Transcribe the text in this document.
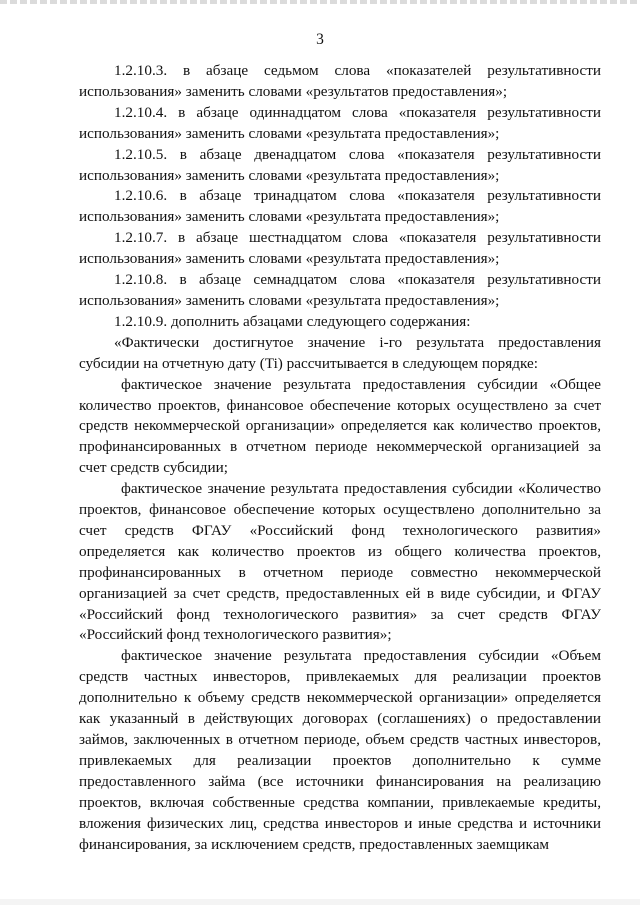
3

1.2.10.3. в абзаце седьмом слова «показателей результативности использования» заменить словами «результатов предоставления»;

1.2.10.4. в абзаце одиннадцатом слова «показателя результативности использования» заменить словами «результата предоставления»;

1.2.10.5. в абзаце двенадцатом слова «показателя результативности использования» заменить словами «результата предоставления»;

1.2.10.6. в абзаце тринадцатом слова «показателя результативности использования» заменить словами «результата предоставления»;

1.2.10.7. в абзаце шестнадцатом слова «показателя результативности использования» заменить словами «результата предоставления»;

1.2.10.8. в абзаце семнадцатом слова «показателя результативности использования» заменить словами «результата предоставления»;

1.2.10.9. дополнить абзацами следующего содержания:

«Фактически достигнутое значение i-го результата предоставления субсидии на отчетную дату (Ti) рассчитывается в следующем порядке:

фактическое значение результата предоставления субсидии «Общее количество проектов, финансовое обеспечение которых осуществлено за счет средств некоммерческой организации» определяется как количество проектов, профинансированных в отчетном периоде некоммерческой организацией за счет средств субсидии;

фактическое значение результата предоставления субсидии «Количество проектов, финансовое обеспечение которых осуществлено дополнительно за счет средств ФГАУ «Российский фонд технологического развития» определяется как количество проектов из общего количества проектов, профинансированных в отчетном периоде совместно некоммерческой организацией за счет средств, предоставленных ей в виде субсидии, и ФГАУ «Российский фонд технологического развития» за счет средств ФГАУ «Российский фонд технологического развития»;

фактическое значение результата предоставления субсидии «Объем средств частных инвесторов, привлекаемых для реализации проектов дополнительно к объему средств некоммерческой организации» определяется как указанный в действующих договорах (соглашениях) о предоставлении займов, заключенных в отчетном периоде, объем средств частных инвесторов, привлекаемых для реализации проектов дополнительно к сумме предоставленного займа (все источники финансирования на реализацию проектов, включая собственные средства компании, привлекаемые кредиты, вложения физических лиц, средства инвесторов и иные средства и источники финансирования, за исключением средств, предоставленных заемщикам
